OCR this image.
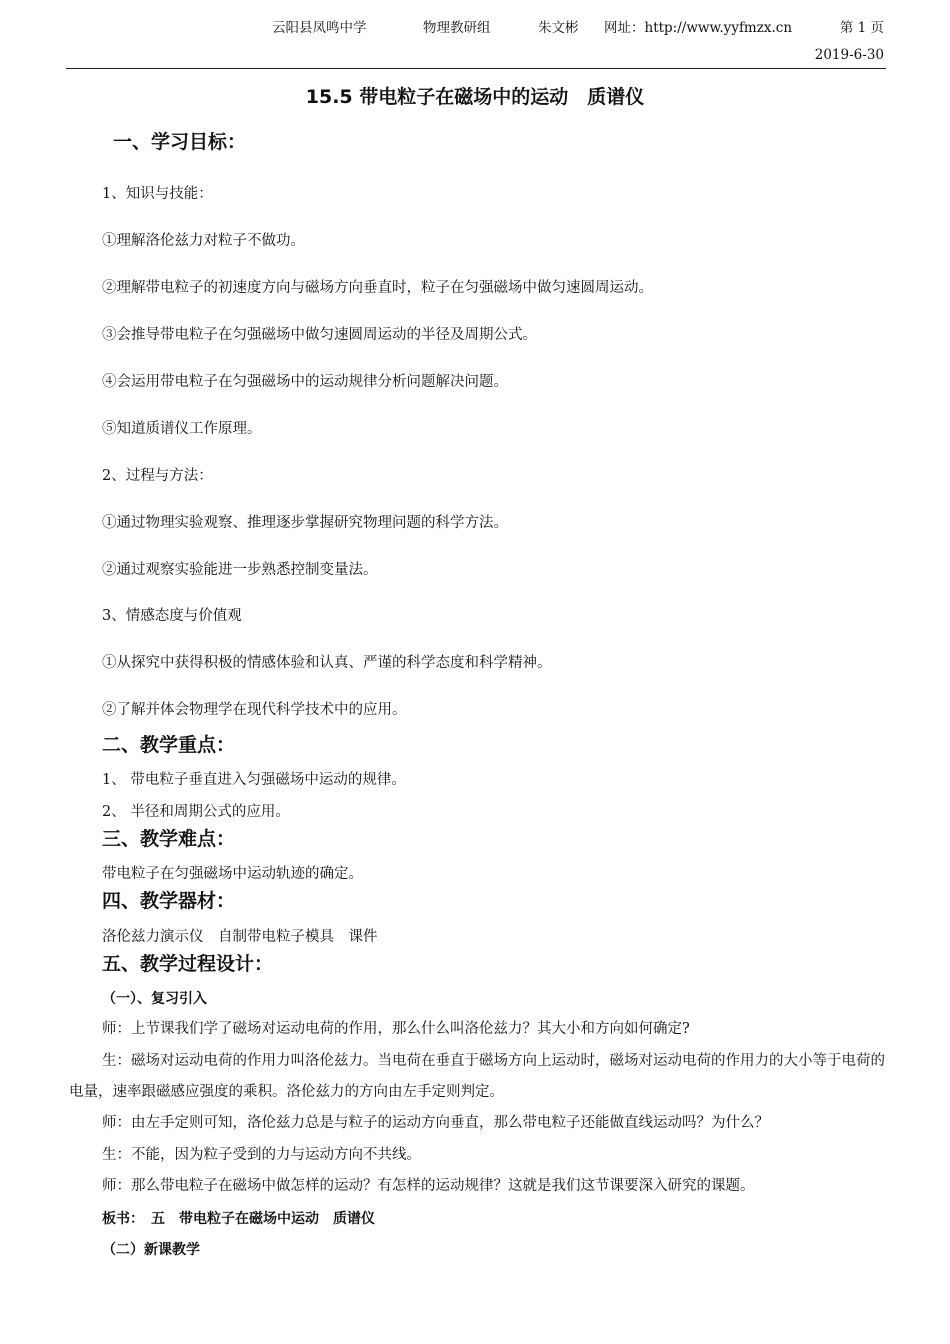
云阳县凤鸣中学	物理教研组	朱文彬 网址：http://www.yyfmzx.cn	第 1 页
2019-6-30
15.5 带电粒子在磁场中的运动　质谱仪
一、学习目标：
1、知识与技能：
①理解洛伦兹力对粒子不做功。
②理解带电粒子的初速度方向与磁场方向垂直时，粒子在匀强磁场中做匀速圆周运动。
③会推导带电粒子在匀强磁场中做匀速圆周运动的半径及周期公式。
④会运用带电粒子在匀强磁场中的运动规律分析问题解决问题。
⑤知道质谱仪工作原理。
2、过程与方法：
①通过物理实验观察、推理逐步掌握研究物理问题的科学方法。
②通过观察实验能进一步熟悉控制变量法。
3、情感态度与价值观
①从探究中获得积极的情感体验和认真、严谨的科学态度和科学精神。
②了解并体会物理学在现代科学技术中的应用。
二、教学重点：
1、 带电粒子垂直进入匀强磁场中运动的规律。
2、 半径和周期公式的应用。
三、教学难点：
带电粒子在匀强磁场中运动轨迹的确定。
四、教学器材：
洛伦兹力演示仪　自制带电粒子模具　课件
五、教学过程设计：
（一）、复习引入
师：上节课我们学了磁场对运动电荷的作用，那么什么叫洛伦兹力？其大小和方向如何确定?
生：磁场对运动电荷的作用力叫洛伦兹力。当电荷在垂直于磁场方向上运动时，磁场对运动电荷的作用力的大小等于电荷的电量，速率跟磁感应强度的乘积。洛伦兹力的方向由左手定则判定。
师：由左手定则可知，洛伦兹力总是与粒子的运动方向垂直，那么带电粒子还能做直线运动吗？为什么？
生：不能，因为粒子受到的力与运动方向不共线。
师：那么带电粒子在磁场中做怎样的运动？有怎样的运动规律？这就是我们这节课要深入研究的课题。
板书：　五　带电粒子在磁场中运动　质谱仪
（二）新课教学
